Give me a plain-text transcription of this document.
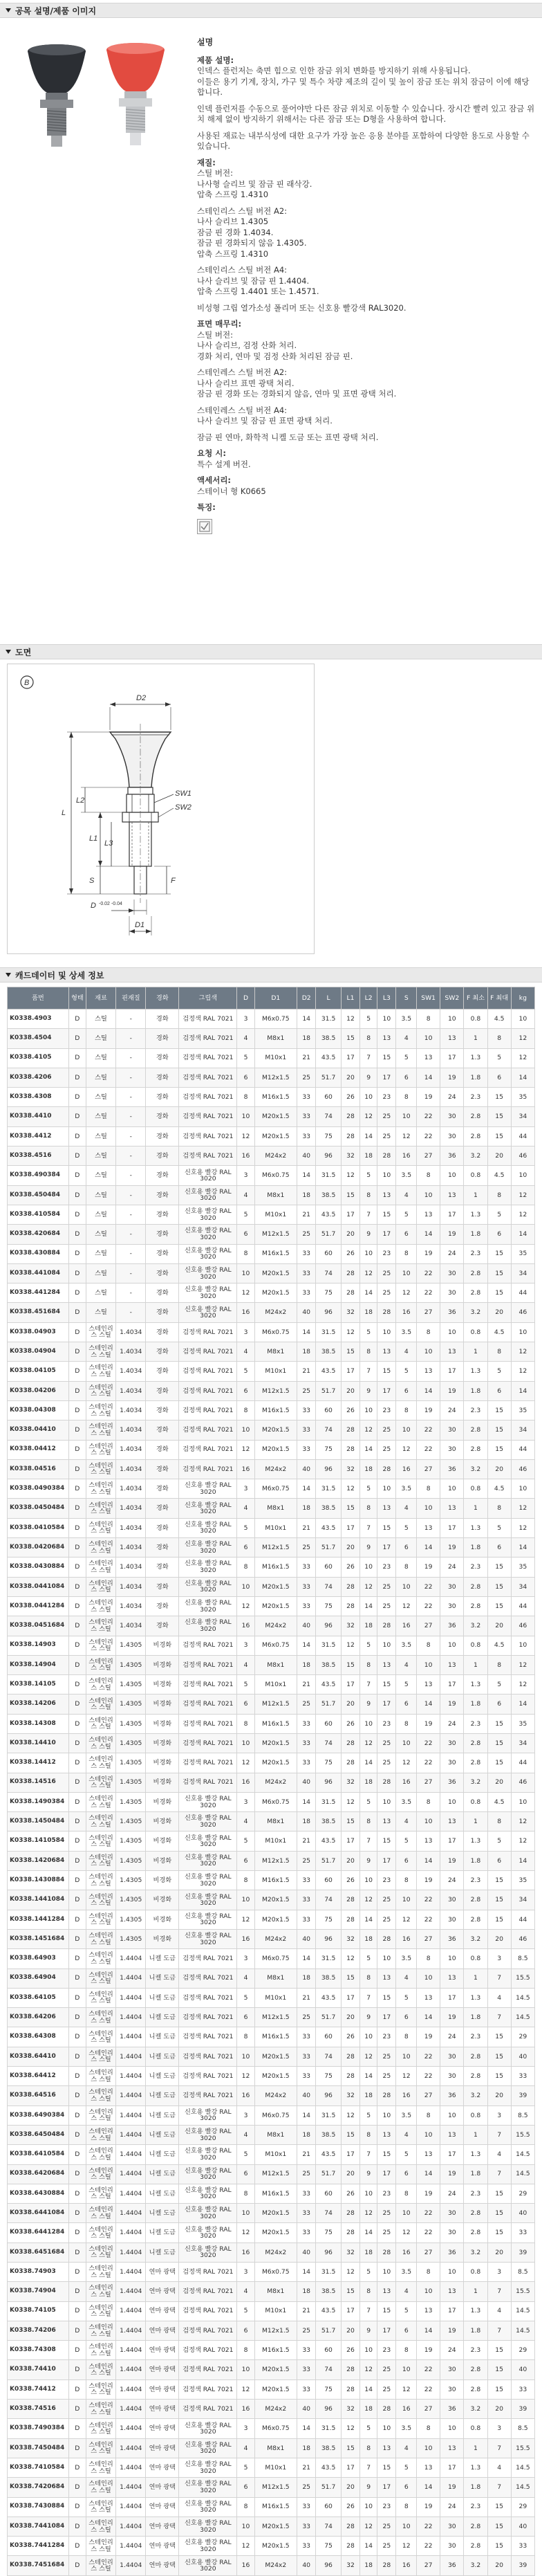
공목 설명/제품 이미지

설명

제품 설명:
인덱스 플런저는 축면 힘으로 인한 잠금 위치 변화를 방지하기 위해 사용됩니다.
이들은 용기 기계, 장치, 가구 및 특수 차량 제조의 길이 및 높이 잠금 또는 위치 잠금이 이에 해당합니다.

인덱 플런저를 수동으로 풀어야만 다른 잠금 위치로 이동할 수 있습니다. 장시간 빨려 있고 잠금 위치 해제 없이 방지하기 위해서는 다른 잠금 또는 D형을 사용하여 합니다.

사용된 재료는 내부식성에 대한 요구가 가장 높은 응용 분야를 포함하여 다양한 용도로 사용할 수 있습니다.

재질:
스틸 버전:
나사형 슬리브 및 잠금 핀 래삭강.
압축 스프링 1.4310

스테인리스 스틸 버전 A2:
나사 슬리브 1.4305
잠금 핀 경화 1.4034.
잠금 핀 경화되지 않음 1.4305.
압축 스프링 1.4310

스테인리스 스틸 버전 A4:
나사 슬리브 및 잠금 핀 1.4404.
압축 스프링 1.4401 또는 1.4571.

비성형 그립 열가소성 폴리머 또는 신호용 빨강색 RAL3020.

표면 매무리:
스틸 버전:
나사 슬리브, 검정 산화 처리.
경화 처리, 연마 및 검정 산화 처리된 잠금 핀.

스테인레스 스틸 버전 A2:
나사 슬리브 표면 광택 처리.
잠금 핀 경화 또는 경화되지 않음, 연마 및 표면 광택 처리.

스테인레스 스틸 버전 A4:
나사 슬리브 및 잠금 핀 표면 광택 처리.

잠금 핀 연마, 화학적 니켈 도금 또는 표면 광택 처리.

요청 시:
특수 설계 버전.

액세서리:
스테이너 형 K0665

특징:

도면
B
D2
L
L2
L1
L3
S
SW1
SW2
F
D -0.02 -0.04
D1
캐드데이터 및 상세 정보
품번	형태	재료	핀재질	경화	그립색	D	D1	D2	L	L1	L2	L3	S	SW1	SW2	F 최소	F 최대	kg
K0338.4903	D	스틸	-	경화	검정색 RAL 7021	3	M6x0.75	14	31.5	12	5	10	3.5	8	10	0.8	4.5	10
K0338.4504	D	스틸	-	경화	검정색 RAL 7021	4	M8x1	18	38.5	15	8	13	4	10	13	1	8	12
K0338.4105	D	스틸	-	경화	검정색 RAL 7021	5	M10x1	21	43.5	17	7	15	5	13	17	1.3	5	12
K0338.4206	D	스틸	-	경화	검정색 RAL 7021	6	M12x1.5	25	51.7	20	9	17	6	14	19	1.8	6	14
K0338.4308	D	스틸	-	경화	검정색 RAL 7021	8	M16x1.5	33	60	26	10	23	8	19	24	2.3	15	35
K0338.4410	D	스틸	-	경화	검정색 RAL 7021	10	M20x1.5	33	74	28	12	25	10	22	30	2.8	15	34
K0338.4412	D	스틸	-	경화	검정색 RAL 7021	12	M20x1.5	33	75	28	14	25	12	22	30	2.8	15	44
K0338.4516	D	스틸	-	경화	검정색 RAL 7021	16	M24x2	40	96	32	18	28	16	27	36	3.2	20	46
K0338.490384	D	스틸	-	경화	신호용 빨강 RAL 3020	3	M6x0.75	14	31.5	12	5	10	3.5	8	10	0.8	4.5	10
K0338.450484	D	스틸	-	경화	신호용 빨강 RAL 3020	4	M8x1	18	38.5	15	8	13	4	10	13	1	8	12
K0338.410584	D	스틸	-	경화	신호용 빨강 RAL 3020	5	M10x1	21	43.5	17	7	15	5	13	17	1.3	5	12
K0338.420684	D	스틸	-	경화	신호용 빨강 RAL 3020	6	M12x1.5	25	51.7	20	9	17	6	14	19	1.8	6	14
K0338.430884	D	스틸	-	경화	신호용 빨강 RAL 3020	8	M16x1.5	33	60	26	10	23	8	19	24	2.3	15	35
K0338.441084	D	스틸	-	경화	신호용 빨강 RAL 3020	10	M20x1.5	33	74	28	12	25	10	22	30	2.8	15	34
K0338.441284	D	스틸	-	경화	신호용 빨강 RAL 3020	12	M20x1.5	33	75	28	14	25	12	22	30	2.8	15	44
K0338.451684	D	스틸	-	경화	신호용 빨강 RAL 3020	16	M24x2	40	96	32	18	28	16	27	36	3.2	20	46
K0338.04903	D	스테인리스 스틸	1.4034	경화	검정색 RAL 7021	3	M6x0.75	14	31.5	12	5	10	3.5	8	10	0.8	4.5	10
K0338.04904	D	스테인리스 스틸	1.4034	경화	검정색 RAL 7021	4	M8x1	18	38.5	15	8	13	4	10	13	1	8	12
K0338.04105	D	스테인리스 스틸	1.4034	경화	검정색 RAL 7021	5	M10x1	21	43.5	17	7	15	5	13	17	1.3	5	12
K0338.04206	D	스테인리스 스틸	1.4034	경화	검정색 RAL 7021	6	M12x1.5	25	51.7	20	9	17	6	14	19	1.8	6	14
K0338.04308	D	스테인리스 스틸	1.4034	경화	검정색 RAL 7021	8	M16x1.5	33	60	26	10	23	8	19	24	2.3	15	35
K0338.04410	D	스테인리스 스틸	1.4034	경화	검정색 RAL 7021	10	M20x1.5	33	74	28	12	25	10	22	30	2.8	15	34
K0338.04412	D	스테인리스 스틸	1.4034	경화	검정색 RAL 7021	12	M20x1.5	33	75	28	14	25	12	22	30	2.8	15	44
K0338.04516	D	스테인리스 스틸	1.4034	경화	검정색 RAL 7021	16	M24x2	40	96	32	18	28	16	27	36	3.2	20	46
K0338.0490384	D	스테인리스 스틸	1.4034	경화	신호용 빨강 RAL 3020	3	M6x0.75	14	31.5	12	5	10	3.5	8	10	0.8	4.5	10
K0338.0450484	D	스테인리스 스틸	1.4034	경화	신호용 빨강 RAL 3020	4	M8x1	18	38.5	15	8	13	4	10	13	1	8	12
K0338.0410584	D	스테인리스 스틸	1.4034	경화	신호용 빨강 RAL 3020	5	M10x1	21	43.5	17	7	15	5	13	17	1.3	5	12
K0338.0420684	D	스테인리스 스틸	1.4034	경화	신호용 빨강 RAL 3020	6	M12x1.5	25	51.7	20	9	17	6	14	19	1.8	6	14
K0338.0430884	D	스테인리스 스틸	1.4034	경화	신호용 빨강 RAL 3020	8	M16x1.5	33	60	26	10	23	8	19	24	2.3	15	35
K0338.0441084	D	스테인리스 스틸	1.4034	경화	신호용 빨강 RAL 3020	10	M20x1.5	33	74	28	12	25	10	22	30	2.8	15	34
K0338.0441284	D	스테인리스 스틸	1.4034	경화	신호용 빨강 RAL 3020	12	M20x1.5	33	75	28	14	25	12	22	30	2.8	15	44
K0338.0451684	D	스테인리스 스틸	1.4034	경화	신호용 빨강 RAL 3020	16	M24x2	40	96	32	18	28	16	27	36	3.2	20	46
K0338.14903	D	스테인리스 스틸	1.4305	비경화	검정색 RAL 7021	3	M6x0.75	14	31.5	12	5	10	3.5	8	10	0.8	4.5	10
K0338.14904	D	스테인리스 스틸	1.4305	비경화	검정색 RAL 7021	4	M8x1	18	38.5	15	8	13	4	10	13	1	8	12
K0338.14105	D	스테인리스 스틸	1.4305	비경화	검정색 RAL 7021	5	M10x1	21	43.5	17	7	15	5	13	17	1.3	5	12
K0338.14206	D	스테인리스 스틸	1.4305	비경화	검정색 RAL 7021	6	M12x1.5	25	51.7	20	9	17	6	14	19	1.8	6	14
K0338.14308	D	스테인리스 스틸	1.4305	비경화	검정색 RAL 7021	8	M16x1.5	33	60	26	10	23	8	19	24	2.3	15	35
K0338.14410	D	스테인리스 스틸	1.4305	비경화	검정색 RAL 7021	10	M20x1.5	33	74	28	12	25	10	22	30	2.8	15	34
K0338.14412	D	스테인리스 스틸	1.4305	비경화	검정색 RAL 7021	12	M20x1.5	33	75	28	14	25	12	22	30	2.8	15	44
K0338.14516	D	스테인리스 스틸	1.4305	비경화	검정색 RAL 7021	16	M24x2	40	96	32	18	28	16	27	36	3.2	20	46
K0338.1490384	D	스테인리스 스틸	1.4305	비경화	신호용 빨강 RAL 3020	3	M6x0.75	14	31.5	12	5	10	3.5	8	10	0.8	4.5	10
K0338.1450484	D	스테인리스 스틸	1.4305	비경화	신호용 빨강 RAL 3020	4	M8x1	18	38.5	15	8	13	4	10	13	1	8	12
K0338.1410584	D	스테인리스 스틸	1.4305	비경화	신호용 빨강 RAL 3020	5	M10x1	21	43.5	17	7	15	5	13	17	1.3	5	12
K0338.1420684	D	스테인리스 스틸	1.4305	비경화	신호용 빨강 RAL 3020	6	M12x1.5	25	51.7	20	9	17	6	14	19	1.8	6	14
K0338.1430884	D	스테인리스 스틸	1.4305	비경화	신호용 빨강 RAL 3020	8	M16x1.5	33	60	26	10	23	8	19	24	2.3	15	35
K0338.1441084	D	스테인리스 스틸	1.4305	비경화	신호용 빨강 RAL 3020	10	M20x1.5	33	74	28	12	25	10	22	30	2.8	15	34
K0338.1441284	D	스테인리스 스틸	1.4305	비경화	신호용 빨강 RAL 3020	12	M20x1.5	33	75	28	14	25	12	22	30	2.8	15	44
K0338.1451684	D	스테인리스 스틸	1.4305	비경화	신호용 빨강 RAL 3020	16	M24x2	40	96	32	18	28	16	27	36	3.2	20	46
K0338.64903	D	스테인리스 스틸	1.4404	니켈 도금	검정색 RAL 7021	3	M6x0.75	14	31.5	12	5	10	3.5	8	10	0.8	3	8.5
K0338.64904	D	스테인리스 스틸	1.4404	니켈 도금	검정색 RAL 7021	4	M8x1	18	38.5	15	8	13	4	10	13	1	7	15.5
K0338.64105	D	스테인리스 스틸	1.4404	니켈 도금	검정색 RAL 7021	5	M10x1	21	43.5	17	7	15	5	13	17	1.3	4	14.5
K0338.64206	D	스테인리스 스틸	1.4404	니켈 도금	검정색 RAL 7021	6	M12x1.5	25	51.7	20	9	17	6	14	19	1.8	7	14.5
K0338.64308	D	스테인리스 스틸	1.4404	니켈 도금	검정색 RAL 7021	8	M16x1.5	33	60	26	10	23	8	19	24	2.3	15	29
K0338.64410	D	스테인리스 스틸	1.4404	니켈 도금	검정색 RAL 7021	10	M20x1.5	33	74	28	12	25	10	22	30	2.8	15	40
K0338.64412	D	스테인리스 스틸	1.4404	니켈 도금	검정색 RAL 7021	12	M20x1.5	33	75	28	14	25	12	22	30	2.8	15	33
K0338.64516	D	스테인리스 스틸	1.4404	니켈 도금	검정색 RAL 7021	16	M24x2	40	96	32	18	28	16	27	36	3.2	20	39
K0338.6490384	D	스테인리스 스틸	1.4404	니켈 도금	신호용 빨강 RAL 3020	3	M6x0.75	14	31.5	12	5	10	3.5	8	10	0.8	3	8.5
K0338.6450484	D	스테인리스 스틸	1.4404	니켈 도금	신호용 빨강 RAL 3020	4	M8x1	18	38.5	15	8	13	4	10	13	1	7	15.5
K0338.6410584	D	스테인리스 스틸	1.4404	니켈 도금	신호용 빨강 RAL 3020	5	M10x1	21	43.5	17	7	15	5	13	17	1.3	4	14.5
K0338.6420684	D	스테인리스 스틸	1.4404	니켈 도금	신호용 빨강 RAL 3020	6	M12x1.5	25	51.7	20	9	17	6	14	19	1.8	7	14.5
K0338.6430884	D	스테인리스 스틸	1.4404	니켈 도금	신호용 빨강 RAL 3020	8	M16x1.5	33	60	26	10	23	8	19	24	2.3	15	29
K0338.6441084	D	스테인리스 스틸	1.4404	니켈 도금	신호용 빨강 RAL 3020	10	M20x1.5	33	74	28	12	25	10	22	30	2.8	15	40
K0338.6441284	D	스테인리스 스틸	1.4404	니켈 도금	신호용 빨강 RAL 3020	12	M20x1.5	33	75	28	14	25	12	22	30	2.8	15	33
K0338.6451684	D	스테인리스 스틸	1.4404	니켈 도금	신호용 빨강 RAL 3020	16	M24x2	40	96	32	18	28	16	27	36	3.2	20	39
K0338.74903	D	스테인리스 스틸	1.4404	연마 광택	검정색 RAL 7021	3	M6x0.75	14	31.5	12	5	10	3.5	8	10	0.8	3	8.5
K0338.74904	D	스테인리스 스틸	1.4404	연마 광택	검정색 RAL 7021	4	M8x1	18	38.5	15	8	13	4	10	13	1	7	15.5
K0338.74105	D	스테인리스 스틸	1.4404	연마 광택	검정색 RAL 7021	5	M10x1	21	43.5	17	7	15	5	13	17	1.3	4	14.5
K0338.74206	D	스테인리스 스틸	1.4404	연마 광택	검정색 RAL 7021	6	M12x1.5	25	51.7	20	9	17	6	14	19	1.8	7	14.5
K0338.74308	D	스테인리스 스틸	1.4404	연마 광택	검정색 RAL 7021	8	M16x1.5	33	60	26	10	23	8	19	24	2.3	15	29
K0338.74410	D	스테인리스 스틸	1.4404	연마 광택	검정색 RAL 7021	10	M20x1.5	33	74	28	12	25	10	22	30	2.8	15	40
K0338.74412	D	스테인리스 스틸	1.4404	연마 광택	검정색 RAL 7021	12	M20x1.5	33	75	28	14	25	12	22	30	2.8	15	33
K0338.74516	D	스테인리스 스틸	1.4404	연마 광택	검정색 RAL 7021	16	M24x2	40	96	32	18	28	16	27	36	3.2	20	39
K0338.7490384	D	스테인리스 스틸	1.4404	연마 광택	신호용 빨강 RAL 3020	3	M6x0.75	14	31.5	12	5	10	3.5	8	10	0.8	3	8.5
K0338.7450484	D	스테인리스 스틸	1.4404	연마 광택	신호용 빨강 RAL 3020	4	M8x1	18	38.5	15	8	13	4	10	13	1	7	15.5
K0338.7410584	D	스테인리스 스틸	1.4404	연마 광택	신호용 빨강 RAL 3020	5	M10x1	21	43.5	17	7	15	5	13	17	1.3	4	14.5
K0338.7420684	D	스테인리스 스틸	1.4404	연마 광택	신호용 빨강 RAL 3020	6	M12x1.5	25	51.7	20	9	17	6	14	19	1.8	7	14.5
K0338.7430884	D	스테인리스 스틸	1.4404	연마 광택	신호용 빨강 RAL 3020	8	M16x1.5	33	60	26	10	23	8	19	24	2.3	15	29
K0338.7441084	D	스테인리스 스틸	1.4404	연마 광택	신호용 빨강 RAL 3020	10	M20x1.5	33	74	28	12	25	10	22	30	2.8	15	40
K0338.7441284	D	스테인리스 스틸	1.4404	연마 광택	신호용 빨강 RAL 3020	12	M20x1.5	33	75	28	14	25	12	22	30	2.8	15	33
K0338.7451684	D	스테인리스 스틸	1.4404	연마 광택	신호용 빨강 RAL 3020	16	M24x2	40	96	32	18	28	16	27	36	3.2	20	39
